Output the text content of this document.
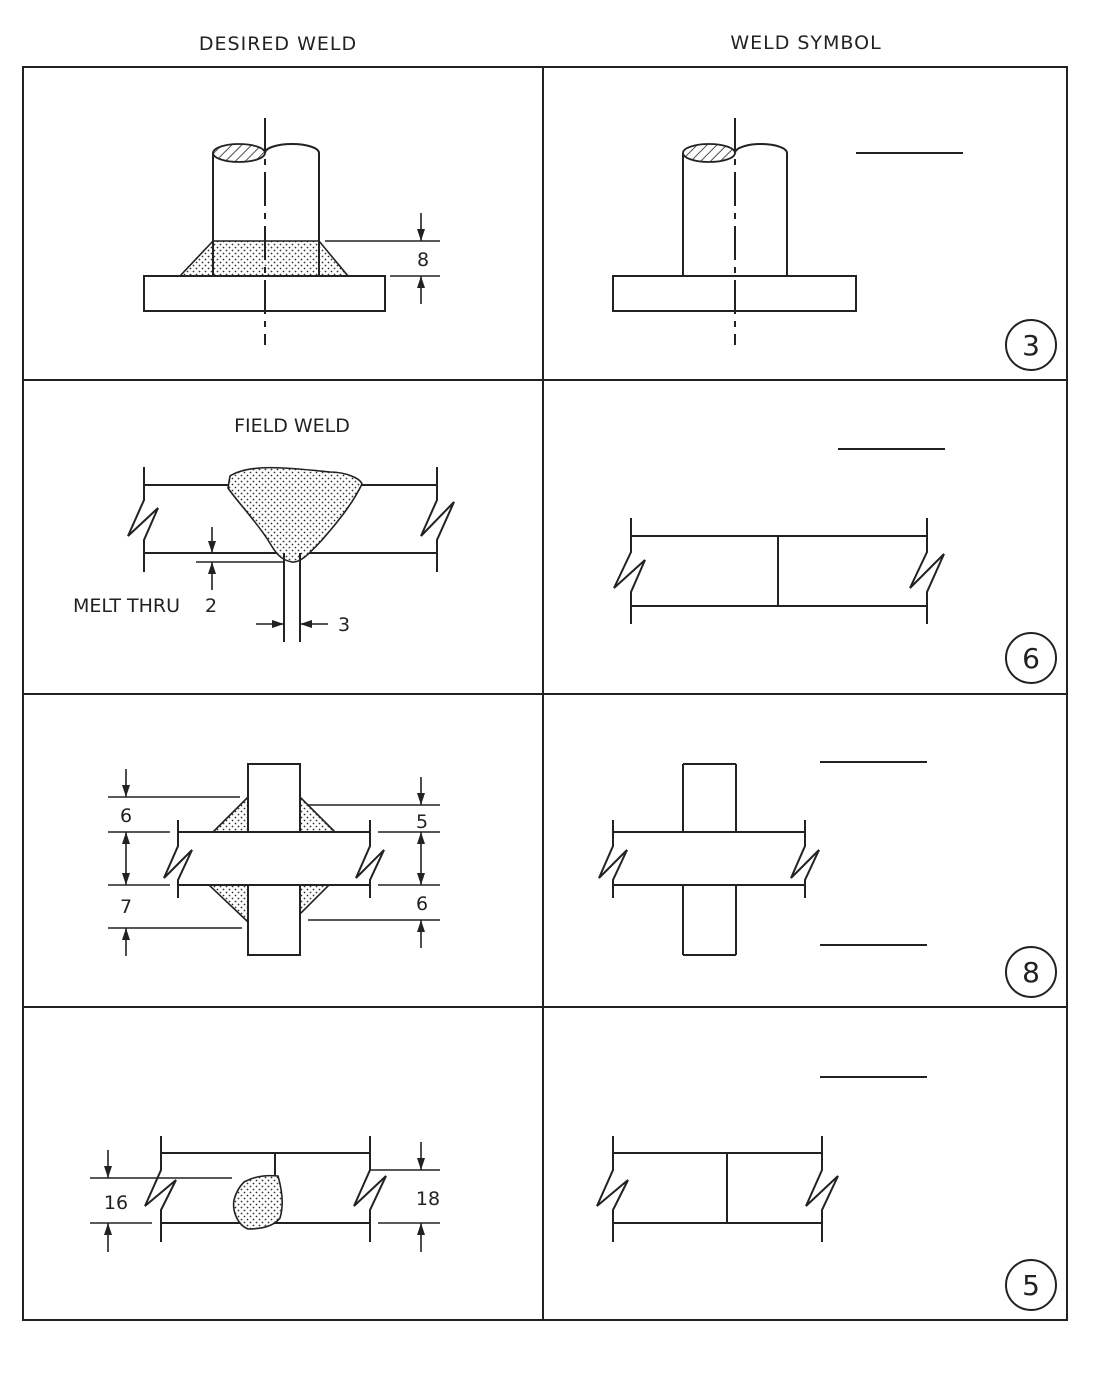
DESIRED WELD	WELD SYMBOL
8
3
FIELD WELD
MELT THRU 2
3
6
6
7
5
6
8
16	18
5
